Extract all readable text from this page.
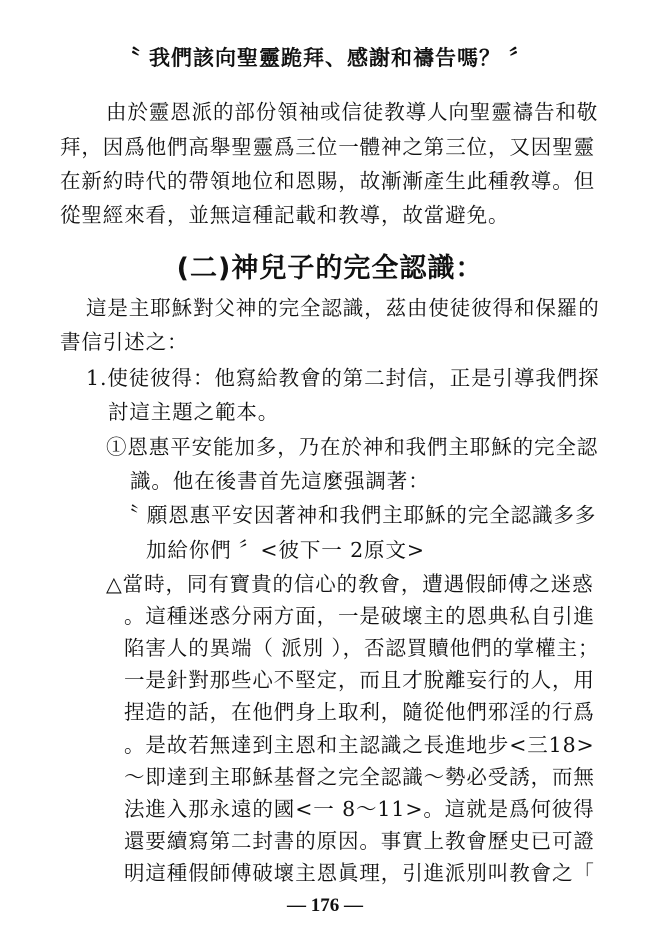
〝 我們該向聖靈跪拜、感謝和禱告嗎？ 〞
由於靈恩派的部份領袖或信徒教導人向聖靈禱告和敬
拜，因爲他們高舉聖靈爲三位一體神之第三位，又因聖靈
在新約時代的帶領地位和恩賜，故漸漸產生此種敎導。但
從聖經來看，並無這種記載和教導，故當避免。
(二)神兒子的完全認識：
這是主耶穌對父神的完全認識，茲由使徒彼得和保羅的
書信引述之：
1.使徒彼得：他寫給教會的第二封信，正是引導我們探
討這主題之範本。
①恩惠平安能加多，乃在於神和我們主耶穌的完全認
識。他在後書首先這麼强調著：
〝 願恩惠平安因著神和我們主耶穌的完全認識多多
加給你們 〞<彼下一 2原文>
△當時，同有寶貴的信心的敎會，遭遇假師傅之迷惑
。這種迷惑分兩方面，一是破壞主的恩典私自引進
陷害人的異端（ 派別 ），否認買贖他們的掌權主；
一是針對那些心不堅定，而且才脫離妄行的人，用
捏造的話，在他們身上取利，隨從他們邪淫的行爲
。是故若無達到主恩和主認識之長進地步<三18>
～即達到主耶穌基督之完全認識～勢必受誘，而無
法進入那永遠的國<一 8～11>。這就是爲何彼得
還要續寫第二封書的原因。事實上教會歷史已可證
— 176 —
明這種假師傅破壞主恩眞理，引進派別叫教會之「
